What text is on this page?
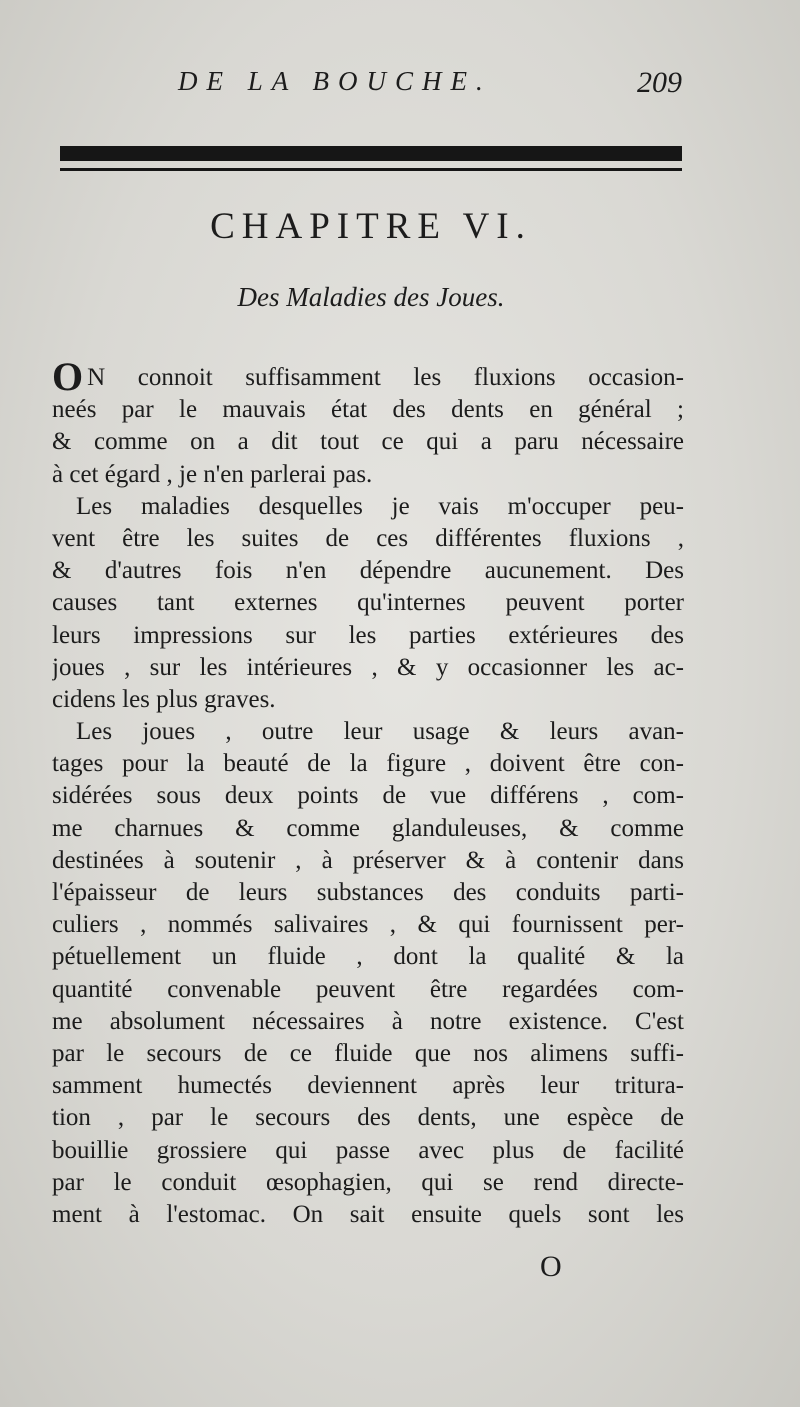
DE LA BOUCHE.	209
CHAPITRE VI.
Des Maladies des Joues.
O N connoit suffisamment les fluxions occasion-
neés par le mauvais état des dents en général ;
& comme on a dit tout ce qui a paru nécessaire
à cet égard , je n'en parlerai pas.
Les maladies desquelles je vais m'occuper peu-
vent être les suites de ces différentes fluxions ,
& d'autres fois n'en dépendre aucunement. Des
causes tant externes qu'internes peuvent porter
leurs impressions sur les parties extérieures des
joues , sur les intérieures , & y occasionner les ac-
cidens les plus graves.
Les joues , outre leur usage & leurs avan-
tages pour la beauté de la figure , doivent être con-
sidérées sous deux points de vue différens , com-
me charnues & comme glanduleuses, & comme
destinées à soutenir , à préserver & à contenir dans
l'épaisseur de leurs substances des conduits parti-
culiers , nommés salivaires , & qui fournissent per-
pétuellement un fluide , dont la qualité & la
quantité convenable peuvent être regardées com-
me absolument nécessaires à notre existence. C'est
par le secours de ce fluide que nos alimens suffi-
samment humectés deviennent après leur tritura-
tion , par le secours des dents, une espèce de
bouillie grossiere qui passe avec plus de facilité
par le conduit œsophagien, qui se rend directe-
ment à l'estomac. On sait ensuite quels sont les
O
